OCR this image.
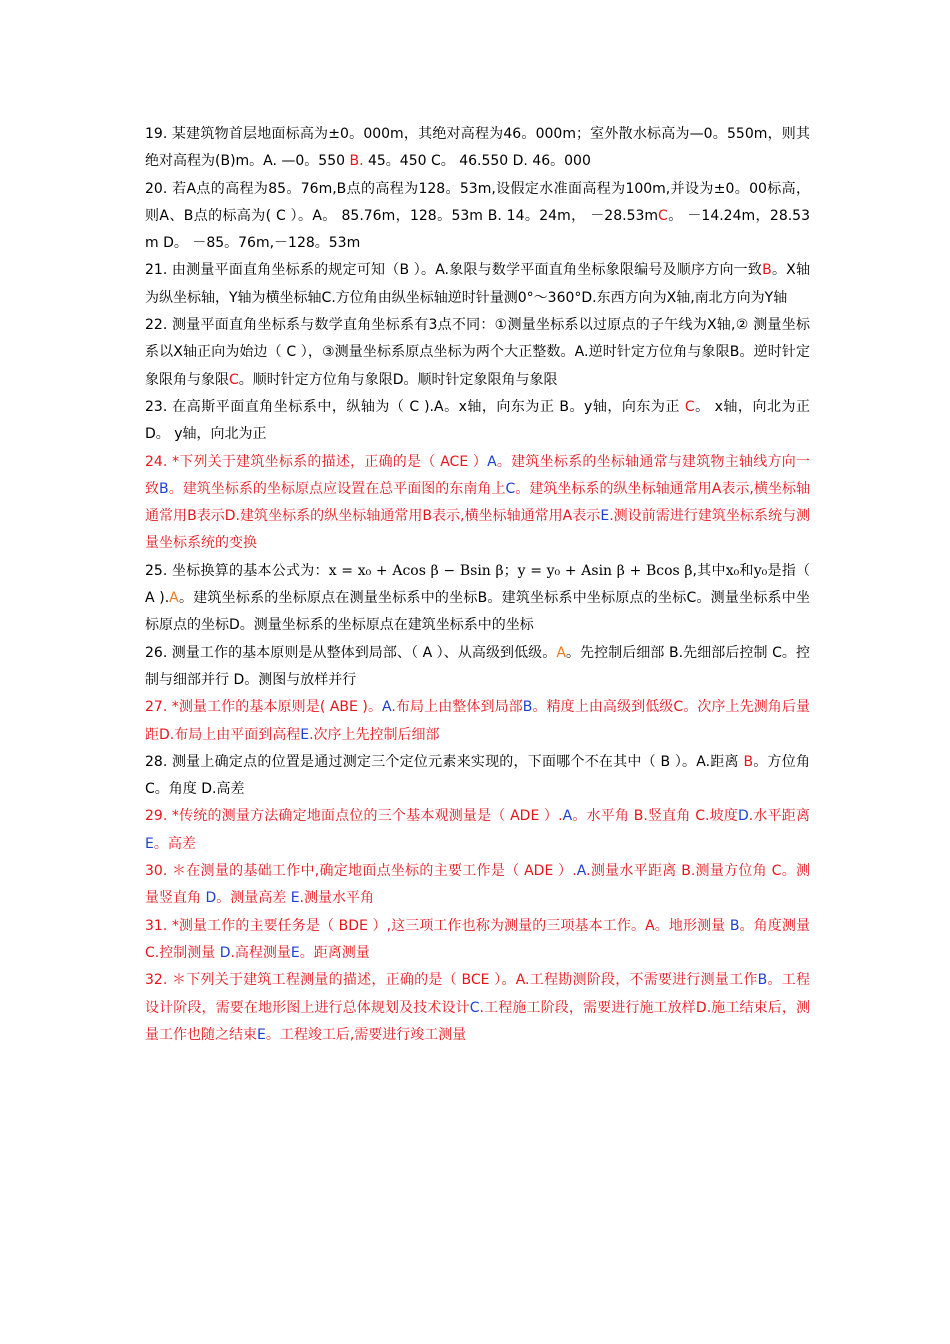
19. 某建筑物首层地面标高为±0。000m，其绝对高程为46。000m；室外散水标高为—0。550m，则其绝对高程为(B)m。A. —0。550 B. 45。450 C。 46.550 D. 46。000

20. 若A点的高程为85。76m,B点的高程为128。53m,设假定水准面高程为100m,并设为±0。00标高，则A、B点的标高为( C ）。A。 85.76m，128。53m B. 14。24m， －28.53mC。 －14.24m，28.53m D。 －85。76m,－128。53m

21. 由测量平面直角坐标系的规定可知（B ）。A.象限与数学平面直角坐标象限编号及顺序方向一致B。X轴为纵坐标轴，Y轴为横坐标轴C.方位角由纵坐标轴逆时针量测0°～360°D.东西方向为X轴,南北方向为Y轴

22. 测量平面直角坐标系与数学直角坐标系有3点不同：①测量坐标系以过原点的子午线为X轴,② 测量坐标系以X轴正向为始边（ C ），③测量坐标系原点坐标为两个大正整数。A.逆时针定方位角与象限B。逆时针定象限角与象限C。顺时针定方位角与象限D。顺时针定象限角与象限

23. 在高斯平面直角坐标系中，纵轴为（ C ).A。x轴，向东为正 B。y轴，向东为正 C。 x轴，向北为正 D。 y轴，向北为正

24. *下列关于建筑坐标系的描述，正确的是（ ACE ）A。建筑坐标系的坐标轴通常与建筑物主轴线方向一致B。建筑坐标系的坐标原点应设置在总平面图的东南角上C。建筑坐标系的纵坐标轴通常用A表示,横坐标轴通常用B表示D.建筑坐标系的纵坐标轴通常用B表示,横坐标轴通常用A表示E.测设前需进行建筑坐标系统与测量坐标系统的变换

25. 坐标换算的基本公式为：x = x₀ + Acos β − Bsin β；y = y₀ + Asin β + Bcos β,其中x₀和y₀是指（ A ).A。建筑坐标系的坐标原点在测量坐标系中的坐标B。建筑坐标系中坐标原点的坐标C。测量坐标系中坐标原点的坐标D。测量坐标系的坐标原点在建筑坐标系中的坐标

26. 测量工作的基本原则是从整体到局部、（ A ）、从高级到低级。A。先控制后细部 B.先细部后控制 C。控制与细部并行 D。测图与放样并行

27. *测量工作的基本原则是( ABE )。A.布局上由整体到局部B。精度上由高级到低级C。次序上先测角后量距D.布局上由平面到高程E.次序上先控制后细部

28. 测量上确定点的位置是通过测定三个定位元素来实现的，下面哪个不在其中（ B ）。A.距离 B。方位角 C。角度 D.高差

29. *传统的测量方法确定地面点位的三个基本观测量是（ ADE ）.A。水平角 B.竖直角 C.坡度D.水平距离E。高差

30. ＊在测量的基础工作中,确定地面点坐标的主要工作是（ ADE ）.A.测量水平距离 B.测量方位角 C。测量竖直角 D。测量高差 E.测量水平角

31. *测量工作的主要任务是（ BDE ）,这三项工作也称为测量的三项基本工作。A。地形测量 B。角度测量 C.控制测量 D.高程测量E。距离测量

32. ＊下列关于建筑工程测量的描述，正确的是（ BCE ）。A.工程勘测阶段，不需要进行测量工作B。工程设计阶段，需要在地形图上进行总体规划及技术设计C.工程施工阶段，需要进行施工放样D.施工结束后，测量工作也随之结束E。工程竣工后,需要进行竣工测量
